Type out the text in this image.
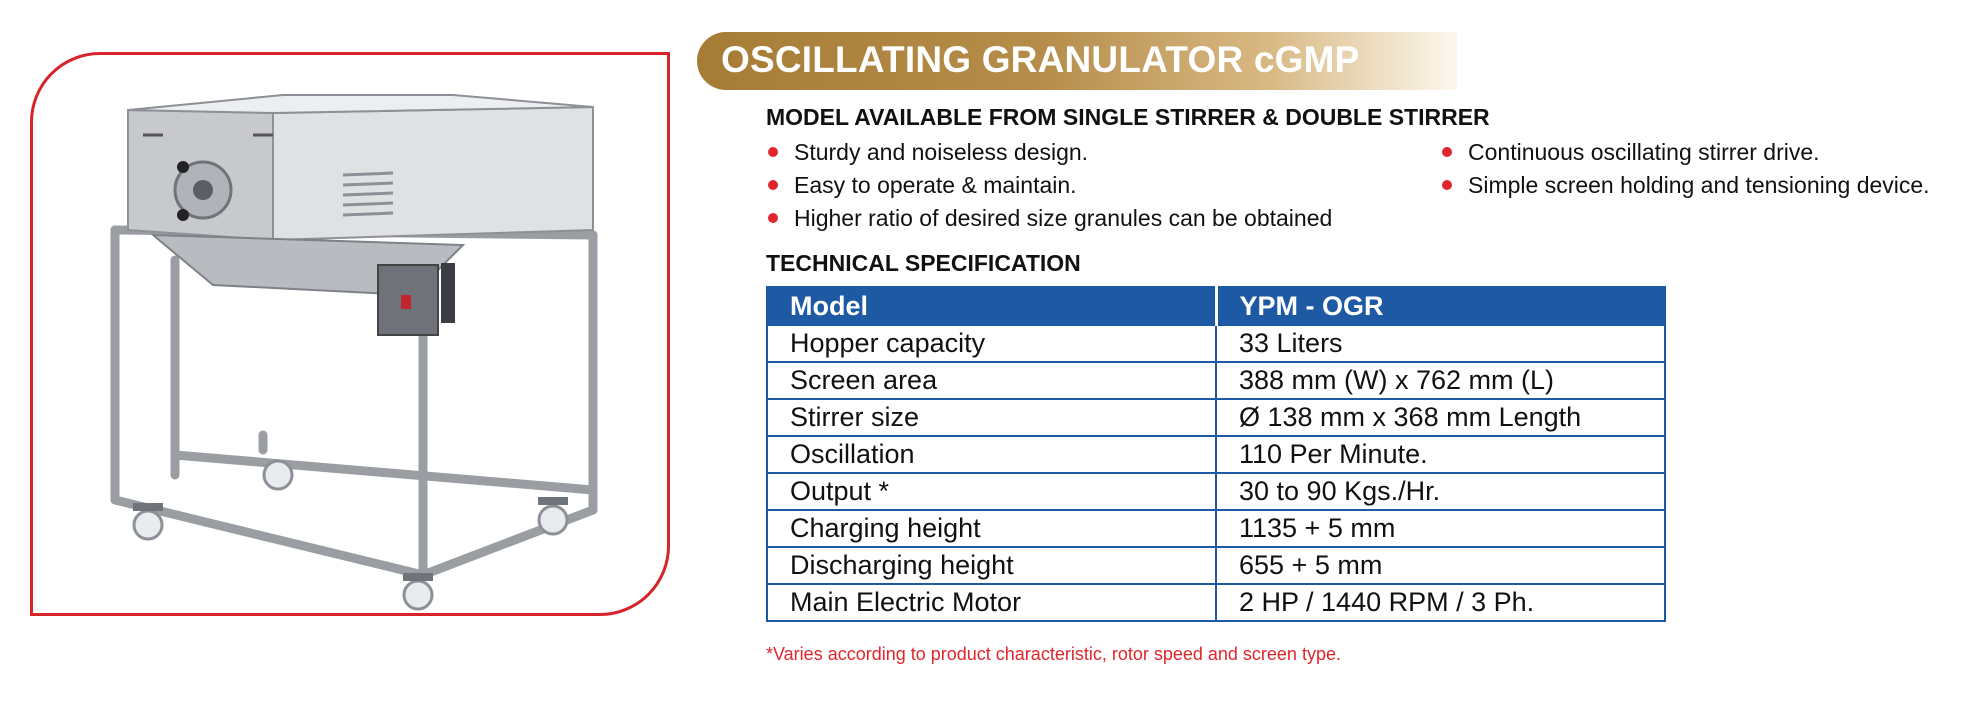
OSCILLATING GRANULATOR cGMP
MODEL AVAILABLE FROM SINGLE STIRRER & DOUBLE STIRRER
Sturdy and noiseless design.
Easy to operate & maintain.
Higher ratio of desired size granules can be obtained
Continuous oscillating stirrer drive.
Simple screen holding and tensioning device.
TECHNICAL SPECIFICATION
Model	YPM - OGR
Hopper capacity	33 Liters
Screen area	388 mm (W) x 762 mm (L)
Stirrer size	Ø 138 mm x 368 mm Length
Oscillation	110 Per Minute.
Output *	30 to 90 Kgs./Hr.
Charging height	1135 + 5 mm
Discharging height	655 + 5 mm
Main Electric Motor	2 HP / 1440 RPM / 3 Ph.
*Varies according to product characteristic, rotor speed and screen type.
